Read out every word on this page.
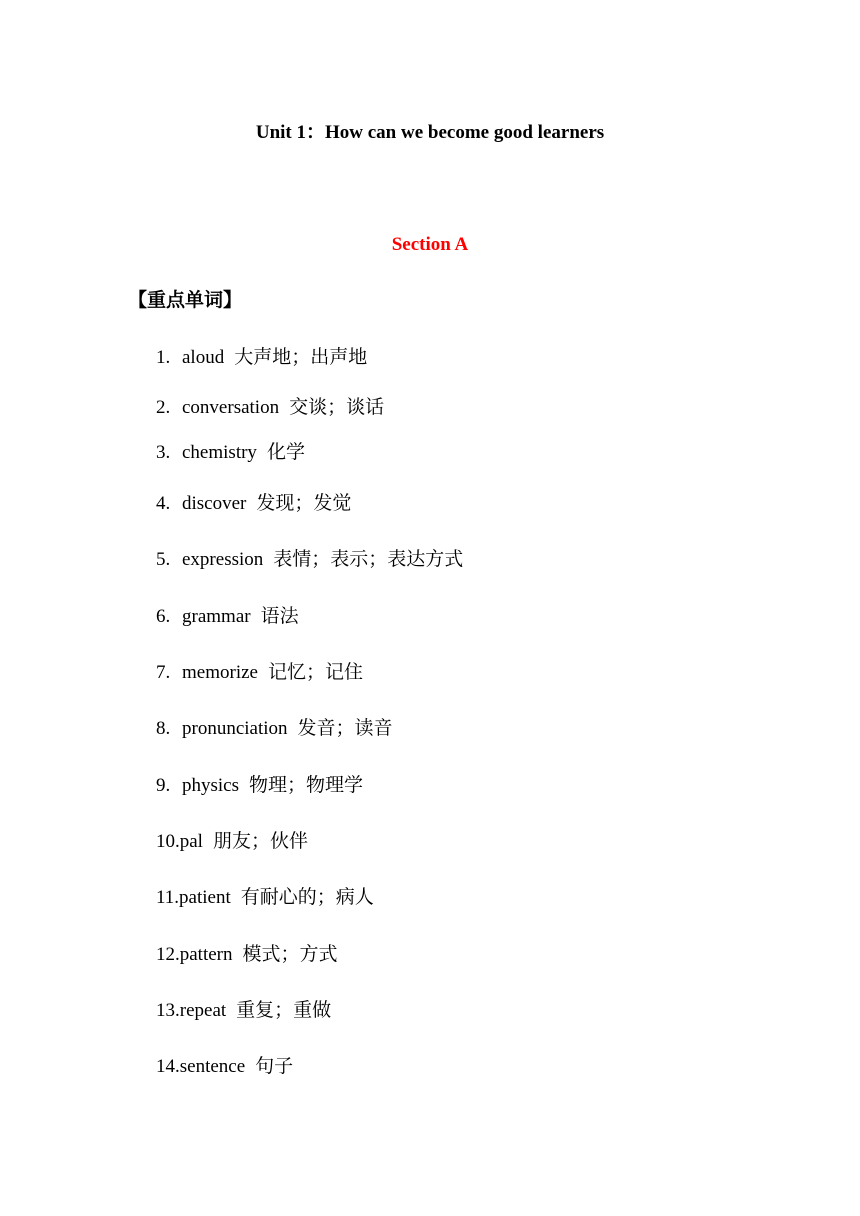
Unit 1：How can we become good learners
Section A
【重点单词】
1. aloud 大声地；出声地
2. conversation 交谈；谈话
3. chemistry 化学
4. discover 发现；发觉
5. expression 表情；表示；表达方式
6. grammar 语法
7. memorize 记忆；记住
8. pronunciation 发音；读音
9. physics 物理；物理学
10.pal 朋友；伙伴
11.patient 有耐心的；病人
12.pattern 模式；方式
13.repeat 重复；重做
14.sentence 句子
